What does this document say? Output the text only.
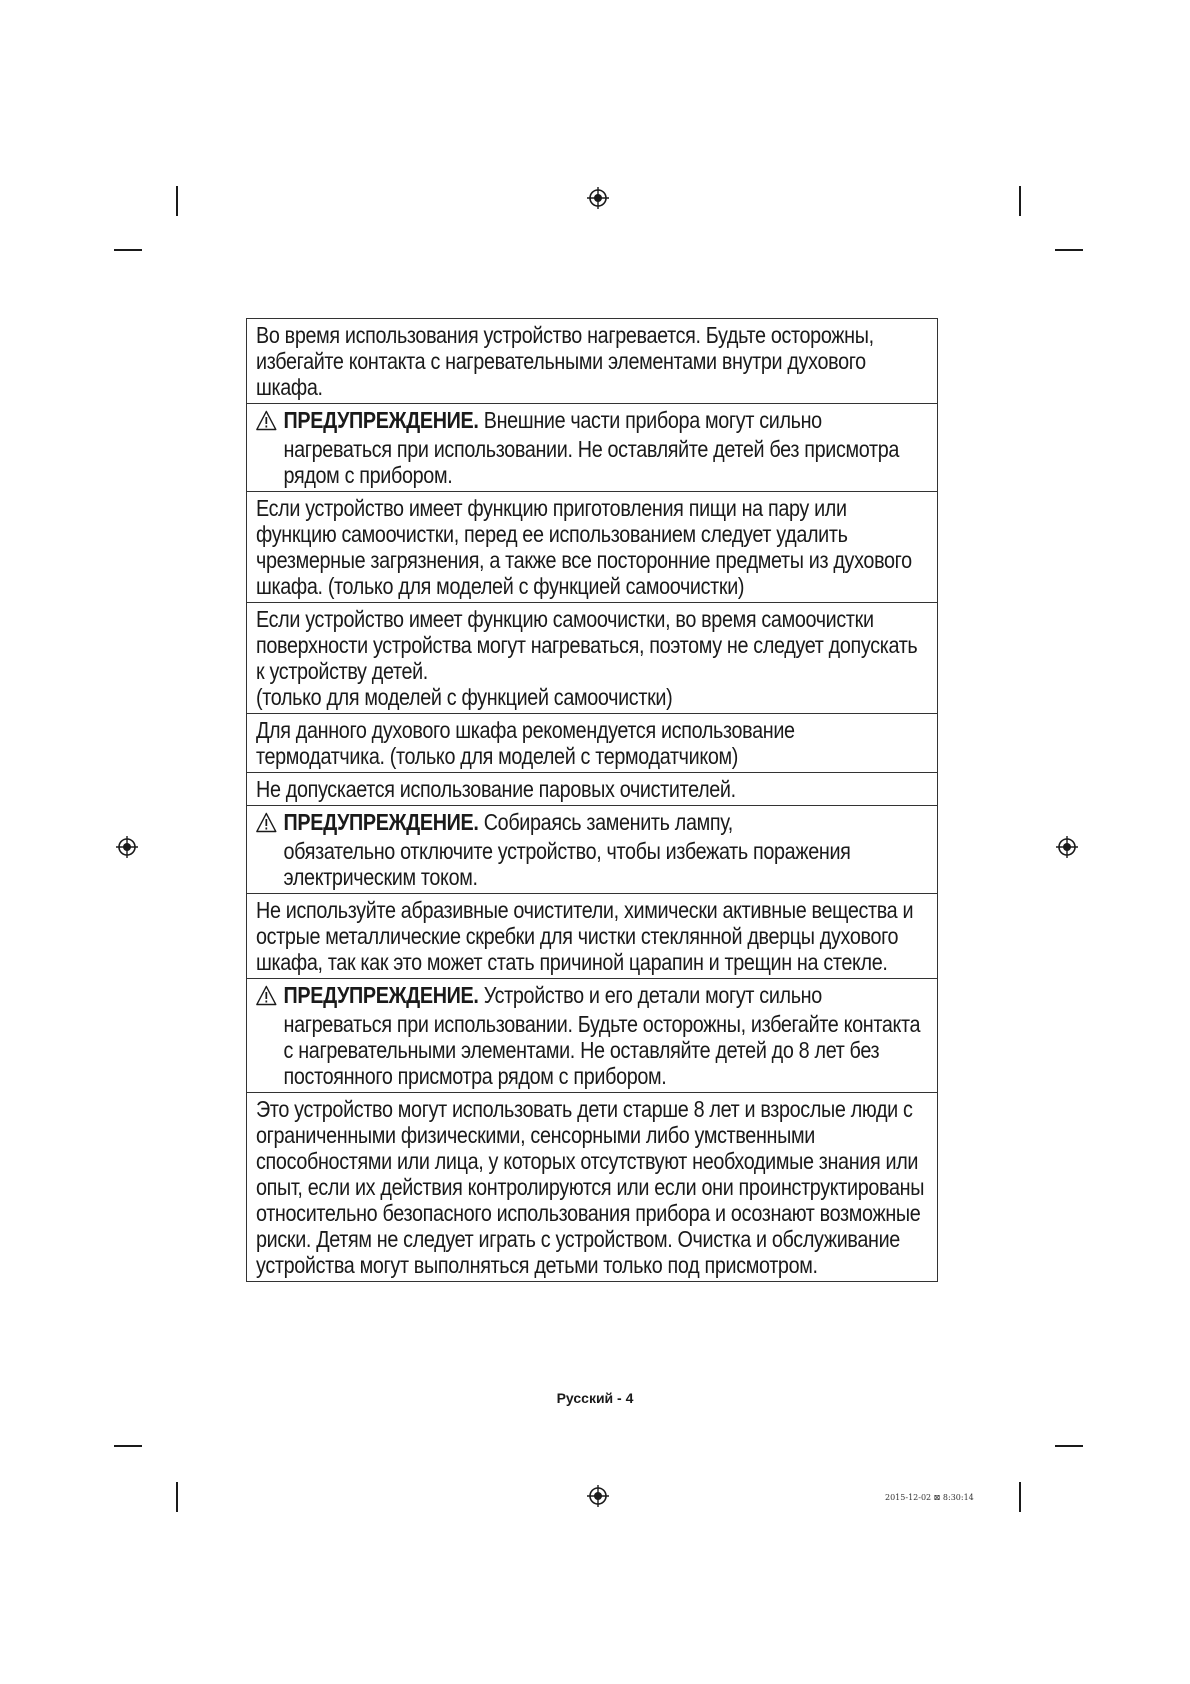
Во время использования устройство нагревается. Будьте осторожны, избегайте контакта с нагревательными элементами внутри духового шкафа.
ПРЕДУПРЕЖДЕНИЕ. Внешние части прибора могут сильно
нагреваться при использовании. Не оставляйте детей без присмотра рядом с прибором.
Если устройство имеет функцию приготовления пищи на пару или функцию самоочистки, перед ее использованием следует удалить чрезмерные загрязнения, а также все посторонние предметы из духового шкафа. (только для моделей с функцией самоочистки)
Если устройство имеет функцию самоочистки, во время самоочистки поверхности устройства могут нагреваться, поэтому не следует допускать к устройству детей.
(только для моделей с функцией самоочистки)
Для данного духового шкафа рекомендуется использование термодатчика. (только для моделей с термодатчиком)
Не допускается использование паровых очистителей.
ПРЕДУПРЕЖДЕНИЕ. Собираясь заменить лампу,
обязательно отключите устройство, чтобы избежать поражения электрическим током.
Не используйте абразивные очистители, химически активные вещества и острые металлические скребки для чистки стеклянной дверцы духового шкафа, так как это может стать причиной царапин и трещин на стекле.
ПРЕДУПРЕЖДЕНИЕ. Устройство и его детали могут сильно
нагреваться при использовании. Будьте осторожны, избегайте контакта с нагревательными элементами. Не оставляйте детей до 8 лет без постоянного присмотра рядом с прибором.
Это устройство могут использовать дети старше 8 лет и взрослые люди с ограниченными физическими, сенсорными либо умственными способностями или лица, у которых отсутствуют необходимые знания или опыт, если их действия контролируются или если они проинструктированы относительно безопасного использования прибора и осознают возможные риски. Детям не следует играть с устройством. Очистка и обслуживание устройства могут выполняться детьми только под присмотром.
Русский - 4
2015-12-02 ⊠ 8:30:14
